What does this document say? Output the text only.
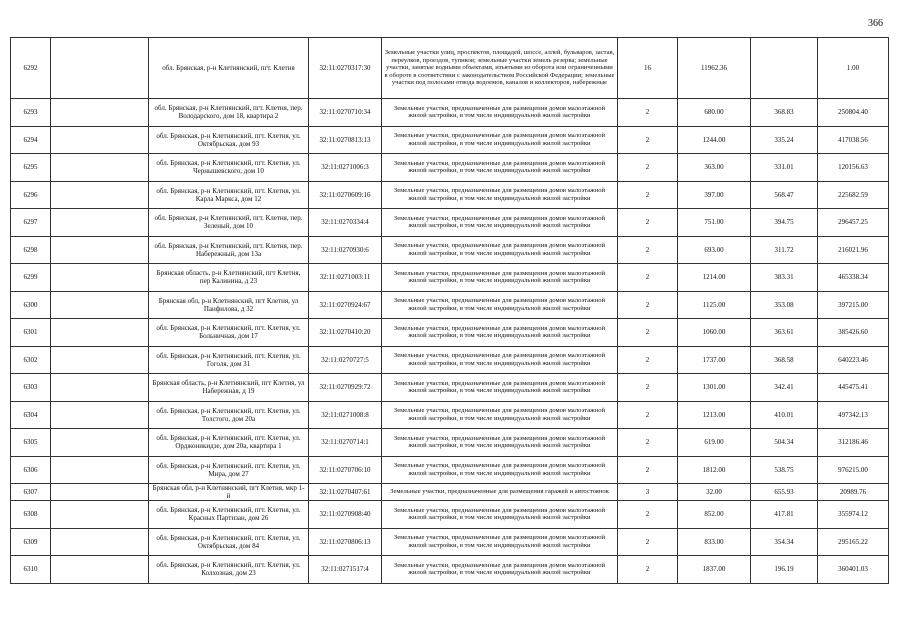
366
6292		обл. Брянская, р-н Клетнянский, пгт. Клетня	32:11:0270317:30	Земельные участки улиц, проспектов, площадей, шоссе, аллей, бульваров, застав, переулков, проездов, тупиков; земельные участки земель резерва; земельные участки, занятые водными объектами, изъятыми из оборота или ограниченными в обороте в соответствии с законодательством Российской Федерации; земельные участки под полосами отвода водоемов, каналов и коллекторов, набережные	16	11962.36		1.00
6293		обл. Брянская, р-н Клетнянский, пгт. Клетня, пер. Володарского, дом 18, квартира 2	32:11:0270710:34	Земельные участки, предназначенные для размещения домов малоэтажной жилой застройки, в том числе индивидуальной жилой застройки	2	680.00	368.83	250804.40
6294		обл. Брянская, р-н Клетнянский, пгт. Клетня, ул. Октябрьская, дом 93	32:11:0270813:13	Земельные участки, предназначенные для размещения домов малоэтажной жилой застройки, в том числе индивидуальной жилой застройки	2	1244.00	335.24	417038.56
6295		обл. Брянская, р-н Клетнянский, пгт. Клетня, ул. Чернышевского, дом 10	32:11:0271006:3	Земельные участки, предназначенные для размещения домов малоэтажной жилой застройки, в том числе индивидуальной жилой застройки	2	363.00	331.01	120156.63
6296		обл. Брянская, р-н Клетнянский, пгт. Клетня, ул. Карла Маркса, дом 12	32:11:0270609:16	Земельные участки, предназначенные для размещения домов малоэтажной жилой застройки, в том числе индивидуальной жилой застройки	2	397.00	568.47	225682.59
6297		обл. Брянская, р-н Клетнянский, пгт. Клетня, пер. Зеленый, дом 10	32:11:0270334:4	Земельные участки, предназначенные для размещения домов малоэтажной жилой застройки, в том числе индивидуальной жилой застройки	2	751.00	394.75	296457.25
6298		обл. Брянская, р-н Клетнянский, пгт. Клетня, пер. Набережный, дом 13а	32:11:0270930:6	Земельные участки, предназначенные для размещения домов малоэтажной жилой застройки, в том числе индивидуальной жилой застройки	2	693.00	311.72	216021.96
6299		Брянская область, р-н Клетнянский, пгт Клетня, пер Калинина, д 23	32:11:0271003:11	Земельные участки, предназначенные для размещения домов малоэтажной жилой застройки, в том числе индивидуальной жилой застройки	2	1214.00	383.31	465338.34
6300		Брянская обл, р-н Клетнянский, пгт Клетня, ул Панфилова, д 32	32:11:0270924:67	Земельные участки, предназначенные для размещения домов малоэтажной жилой застройки, в том числе индивидуальной жилой застройки	2	1125.00	353.08	397215.00
6301		обл. Брянская, р-н Клетнянский, пгт. Клетня, ул. Больничная, дом 17	32:11:0270410:20	Земельные участки, предназначенные для размещения домов малоэтажной жилой застройки, в том числе индивидуальной жилой застройки	2	1060.00	363.61	385426.60
6302		обл. Брянская, р-н Клетнянский, пгт. Клетня, ул. Гоголя, дом 31	32:11:0270727:5	Земельные участки, предназначенные для размещения домов малоэтажной жилой застройки, в том числе индивидуальной жилой застройки	2	1737.00	368.58	640223.46
6303		Брянская область, р-н Клетнянский, пгт Клетня, ул Набережная, д 19	32:11:0270929:72	Земельные участки, предназначенные для размещения домов малоэтажной жилой застройки, в том числе индивидуальной жилой застройки	2	1301.00	342.41	445475.41
6304		обл. Брянская, р-н Клетнянский, пгт. Клетня, ул. Толстого, дом 20а	32:11:0271008:8	Земельные участки, предназначенные для размещения домов малоэтажной жилой застройки, в том числе индивидуальной жилой застройки	2	1213.00	410.01	497342.13
6305		обл. Брянская, р-н Клетнянский, пгт. Клетня, ул. Орджоникидзе, дом 20а, квартира 1	32:11:0270714:1	Земельные участки, предназначенные для размещения домов малоэтажной жилой застройки, в том числе индивидуальной жилой застройки	2	619.00	504.34	312186.46
6306		обл. Брянская, р-н Клетнянский, пгт. Клетня, ул. Мира, дом 27	32:11:0270706:10	Земельные участки, предназначенные для размещения домов малоэтажной жилой застройки, в том числе индивидуальной жилой застройки	2	1812.00	538.75	976215.00
6307		Брянская обл, р-н Клетнянский, пгт Клетня, мкр 1-й	32:11:0270407:61	Земельные участки, предназначенные для размещения гаражей и автостоянок	3	32.00	655.93	20989.76
6308		обл. Брянская, р-н Клетнянский, пгт. Клетня, ул. Красных Партизан, дом 26	32:11:0270908:40	Земельные участки, предназначенные для размещения домов малоэтажной жилой застройки, в том числе индивидуальной жилой застройки	2	852.00	417.81	355974.12
6309		обл. Брянская, р-н Клетнянский, пгт. Клетня, ул. Октябрьская, дом 84	32:11:0270806:13	Земельные участки, предназначенные для размещения домов малоэтажной жилой застройки, в том числе индивидуальной жилой застройки	2	833.00	354.34	295165.22
6310		обл. Брянская, р-н Клетнянский, пгт. Клетня, ул. Колхозная, дом 23	32:11:0271517:4	Земельные участки, предназначенные для размещения домов малоэтажной жилой застройки, в том числе индивидуальной жилой застройки	2	1837.00	196.19	360401.03
